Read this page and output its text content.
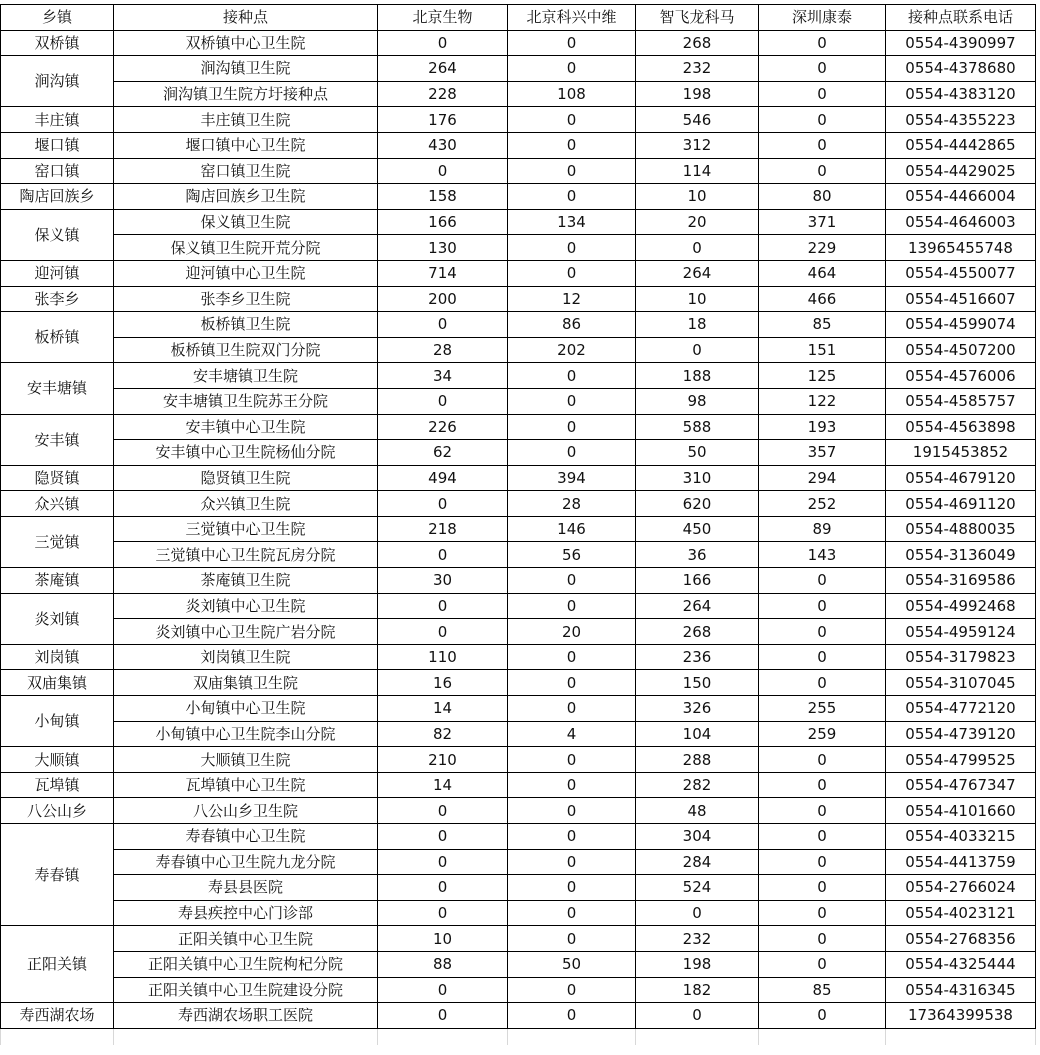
乡镇	接种点	北京生物	北京科兴中维	智飞龙科马	深圳康泰	接种点联系电话
双桥镇	双桥镇中心卫生院	0	0	268	0	0554-4390997
涧沟镇	涧沟镇卫生院	264	0	232	0	0554-4378680
	涧沟镇卫生院方圩接种点	228	108	198	0	0554-4383120
丰庄镇	丰庄镇卫生院	176	0	546	0	0554-4355223
堰口镇	堰口镇中心卫生院	430	0	312	0	0554-4442865
窑口镇	窑口镇卫生院	0	0	114	0	0554-4429025
陶店回族乡	陶店回族乡卫生院	158	0	10	80	0554-4466004
保义镇	保义镇卫生院	166	134	20	371	0554-4646003
	保义镇卫生院开荒分院	130	0	0	229	13965455748
迎河镇	迎河镇中心卫生院	714	0	264	464	0554-4550077
张李乡	张李乡卫生院	200	12	10	466	0554-4516607
板桥镇	板桥镇卫生院	0	86	18	85	0554-4599074
	板桥镇卫生院双门分院	28	202	0	151	0554-4507200
安丰塘镇	安丰塘镇卫生院	34	0	188	125	0554-4576006
	安丰塘镇卫生院苏王分院	0	0	98	122	0554-4585757
安丰镇	安丰镇中心卫生院	226	0	588	193	0554-4563898
	安丰镇中心卫生院杨仙分院	62	0	50	357	1915453852
隐贤镇	隐贤镇卫生院	494	394	310	294	0554-4679120
众兴镇	众兴镇卫生院	0	28	620	252	0554-4691120
三觉镇	三觉镇中心卫生院	218	146	450	89	0554-4880035
	三觉镇中心卫生院瓦房分院	0	56	36	143	0554-3136049
茶庵镇	茶庵镇卫生院	30	0	166	0	0554-3169586
炎刘镇	炎刘镇中心卫生院	0	0	264	0	0554-4992468
	炎刘镇中心卫生院广岩分院	0	20	268	0	0554-4959124
刘岗镇	刘岗镇卫生院	110	0	236	0	0554-3179823
双庙集镇	双庙集镇卫生院	16	0	150	0	0554-3107045
小甸镇	小甸镇中心卫生院	14	0	326	255	0554-4772120
	小甸镇中心卫生院李山分院	82	4	104	259	0554-4739120
大顺镇	大顺镇卫生院	210	0	288	0	0554-4799525
瓦埠镇	瓦埠镇中心卫生院	14	0	282	0	0554-4767347
八公山乡	八公山乡卫生院	0	0	48	0	0554-4101660
寿春镇	寿春镇中心卫生院	0	0	304	0	0554-4033215
	寿春镇中心卫生院九龙分院	0	0	284	0	0554-4413759
	寿县县医院	0	0	524	0	0554-2766024
	寿县疾控中心门诊部	0	0	0	0	0554-4023121
正阳关镇	正阳关镇中心卫生院	10	0	232	0	0554-2768356
	正阳关镇中心卫生院枸杞分院	88	50	198	0	0554-4325444
	正阳关镇中心卫生院建设分院	0	0	182	85	0554-4316345
寿西湖农场	寿西湖农场职工医院	0	0	0	0	17364399538
